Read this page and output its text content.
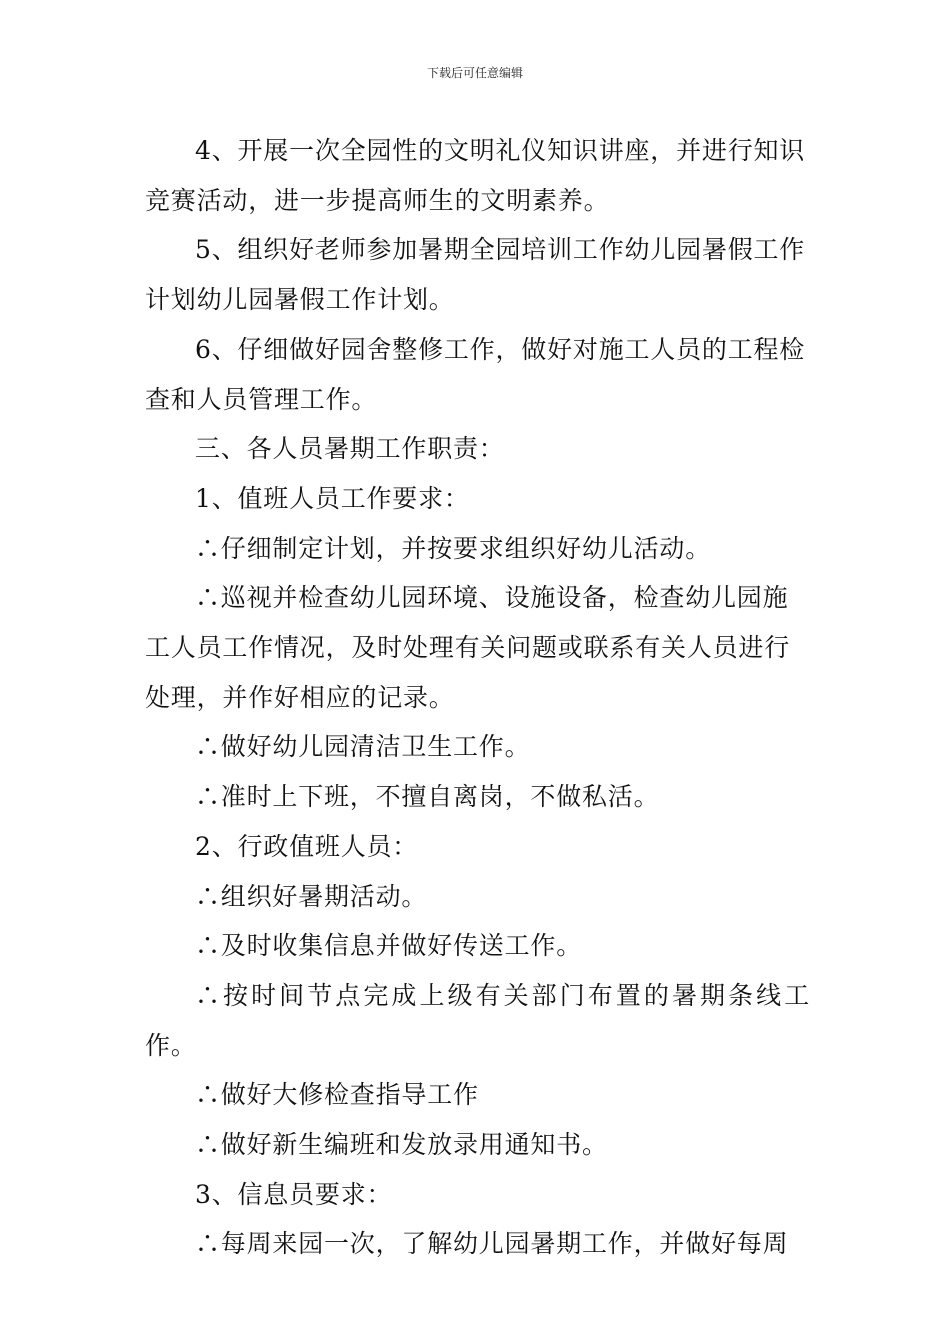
下载后可任意编辑

4、开展一次全园性的文明礼仪知识讲座，并进行知识

竞赛活动，进一步提高师生的文明素养。

5、组织好老师参加暑期全园培训工作幼儿园暑假工作

计划幼儿园暑假工作计划。

6、仔细做好园舍整修工作，做好对施工人员的工程检

查和人员管理工作。

三、各人员暑期工作职责：

1、值班人员工作要求：

∴仔细制定计划，并按要求组织好幼儿活动。

∴巡视并检查幼儿园环境、设施设备，检查幼儿园施

工人员工作情况，及时处理有关问题或联系有关人员进行

处理，并作好相应的记录。

∴做好幼儿园清洁卫生工作。

∴准时上下班，不擅自离岗，不做私活。

2、行政值班人员：

∴组织好暑期活动。

∴及时收集信息并做好传送工作。

∴按时间节点完成上级有关部门布置的暑期条线工作。

∴做好大修检查指导工作

∴做好新生编班和发放录用通知书。

3、信息员要求：

∴每周来园一次，了解幼儿园暑期工作，并做好每周
